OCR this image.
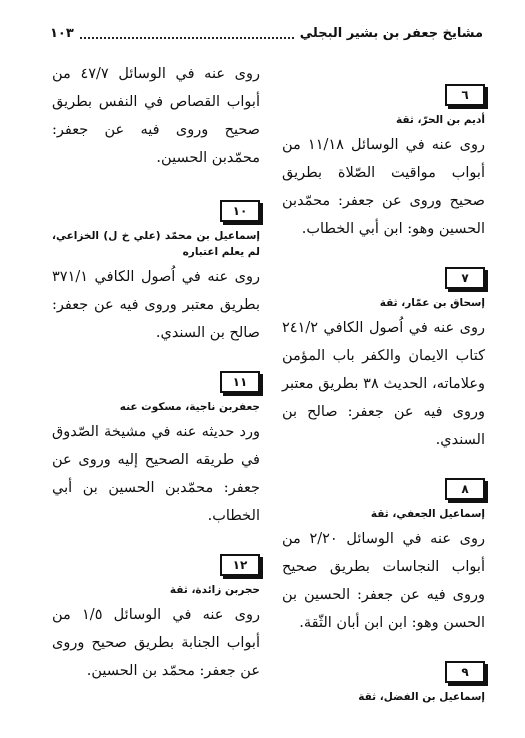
مشايخ جعفر بن بشير البجلي
١٠٣
٦
أديم بن الحرّ، ثقة
روى عنه في الوسائل ١١/١٨ من أبواب مواقيت الصّلاة بطريق صحيح وروى عن جعفر: محمّدبن الحسين وهو: ابن أبي الخطاب.
٧
إسحاق بن عمّار، ثقة
روى عنه في اُصول الكافي ٢٤١/٢ كتاب الايمان والكفر باب المؤمن وعلاماته، الحديث ٣٨ بطريق معتبر وروى فيه عن جعفر: صالح بن السندي.
٨
إسماعيل الجعفي، ثقة
روى عنه في الوسائل ٢/٢٠ من أبواب النجاسات بطريق صحيح وروى فيه عن جعفر: الحسين بن الحسن وهو: ابن ابن أبان الثّقة.
٩
إسماعيل بن الفضل، ثقة
روى عنه في الوسائل ٤٧/٧ من أبواب القصاص في النفس بطريق صحيح وروى فيه عن جعفر: محمّدبن الحسين.
١٠
إسماعيل بن محمّد (علي خ ل) الخزاعي، لم يعلم اعتباره
روى عنه في اُصول الكافي ٣٧١/١ بطريق معتبر وروى فيه عن جعفر: صالح بن السندي.
١١
جعفربن ناجية، مسكوت عنه
ورد حديثه عنه في مشيخة الصّدوق في طريقه الصحيح إليه وروى عن جعفر: محمّدبن الحسين بن أبي الخطاب.
١٢
حجربن زائدة، ثقة
روى عنه في الوسائل ١/٥ من أبواب الجنابة بطريق صحيح وروى عن جعفر: محمّد بن الحسين.
